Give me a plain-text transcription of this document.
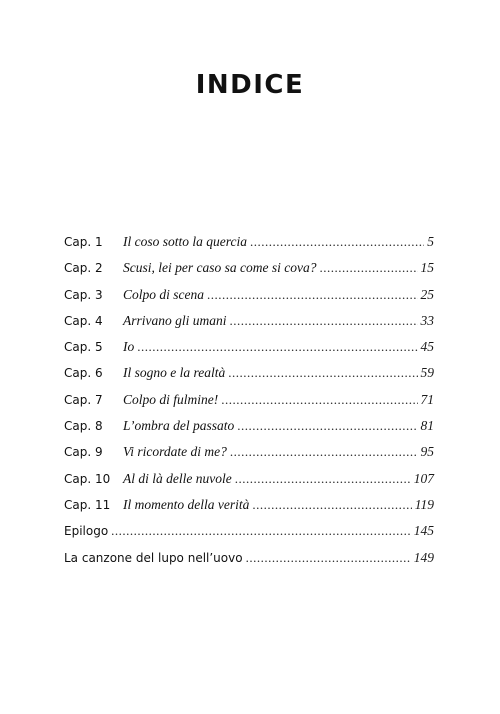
INDICE
Cap. 1	Il coso sotto la quercia .....	5
Cap. 2	Scusi, lei per caso sa come si cova? .....	15
Cap. 3	Colpo di scena .....	25
Cap. 4	Arrivano gli umani .....	33
Cap. 5	Io .....	45
Cap. 6	Il sogno e la realtà .....	59
Cap. 7	Colpo di fulmine! .....	71
Cap. 8	L’ombra del passato .....	81
Cap. 9	Vi ricordate di me? .....	95
Cap. 10 Al di là delle nuvole .....	107
Cap. 11 Il momento della verità .....	119
Epilogo .....	145
La canzone del lupo nell’uovo .....	149
